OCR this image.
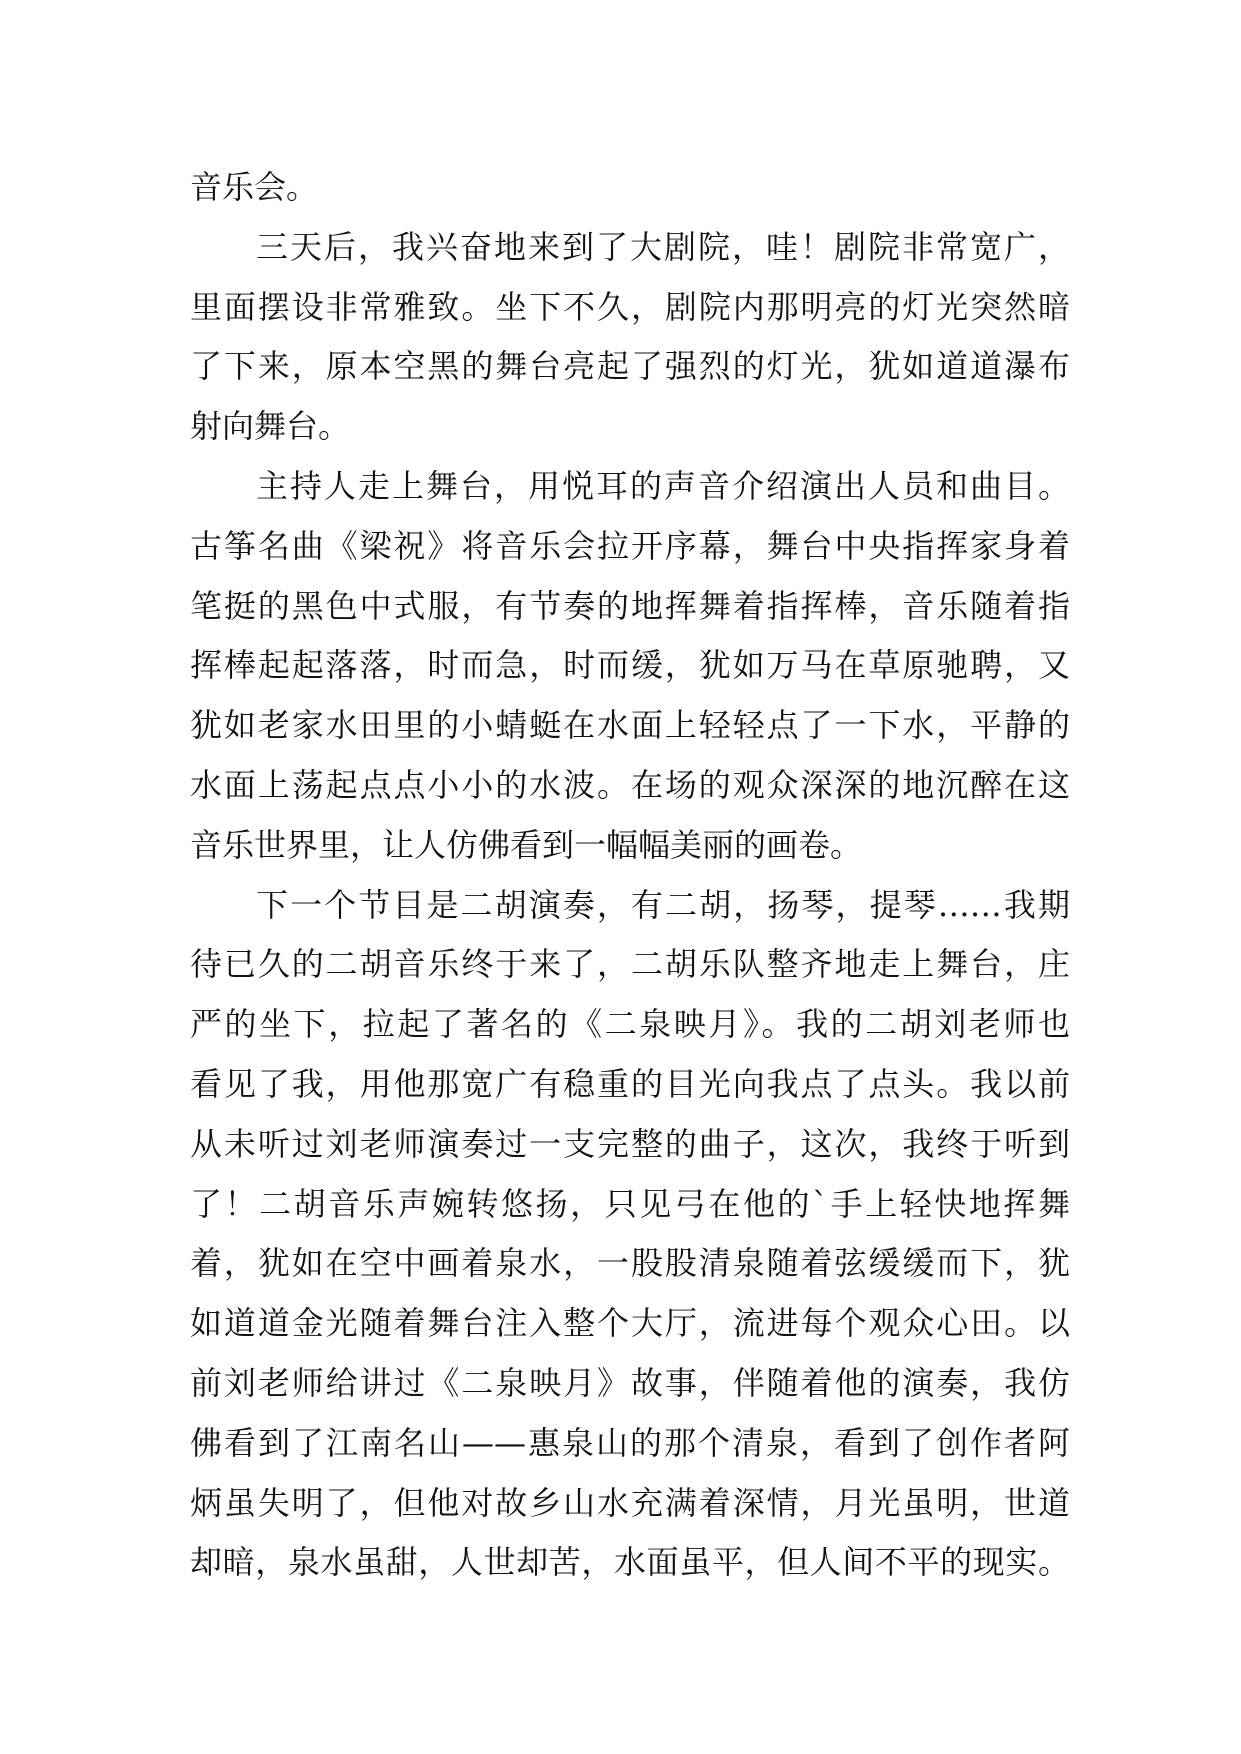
音乐会。
三天后，我兴奋地来到了大剧院，哇！剧院非常宽广，
里面摆设非常雅致。坐下不久，剧院内那明亮的灯光突然暗
了下来，原本空黑的舞台亮起了强烈的灯光，犹如道道瀑布
射向舞台。
主持人走上舞台，用悦耳的声音介绍演出人员和曲目。
古筝名曲《梁祝》将音乐会拉开序幕，舞台中央指挥家身着
笔挺的黑色中式服，有节奏的地挥舞着指挥棒，音乐随着指
挥棒起起落落，时而急，时而缓，犹如万马在草原驰聘，又
犹如老家水田里的小蜻蜓在水面上轻轻点了一下水，平静的
水面上荡起点点小小的水波。在场的观众深深的地沉醉在这
音乐世界里，让人仿佛看到一幅幅美丽的画卷。
下一个节目是二胡演奏，有二胡，扬琴，提琴……我期
待已久的二胡音乐终于来了，二胡乐队整齐地走上舞台，庄
严的坐下，拉起了著名的《二泉映月》。我的二胡刘老师也
看见了我，用他那宽广有稳重的目光向我点了点头。我以前
从未听过刘老师演奏过一支完整的曲子，这次，我终于听到
了！二胡音乐声婉转悠扬，只见弓在他的`手上轻快地挥舞
着，犹如在空中画着泉水，一股股清泉随着弦缓缓而下，犹
如道道金光随着舞台注入整个大厅，流进每个观众心田。以
前刘老师给讲过《二泉映月》故事，伴随着他的演奏，我仿
佛看到了江南名山——惠泉山的那个清泉，看到了创作者阿
炳虽失明了，但他对故乡山水充满着深情，月光虽明，世道
却暗，泉水虽甜，人世却苦，水面虽平，但人间不平的现实。
